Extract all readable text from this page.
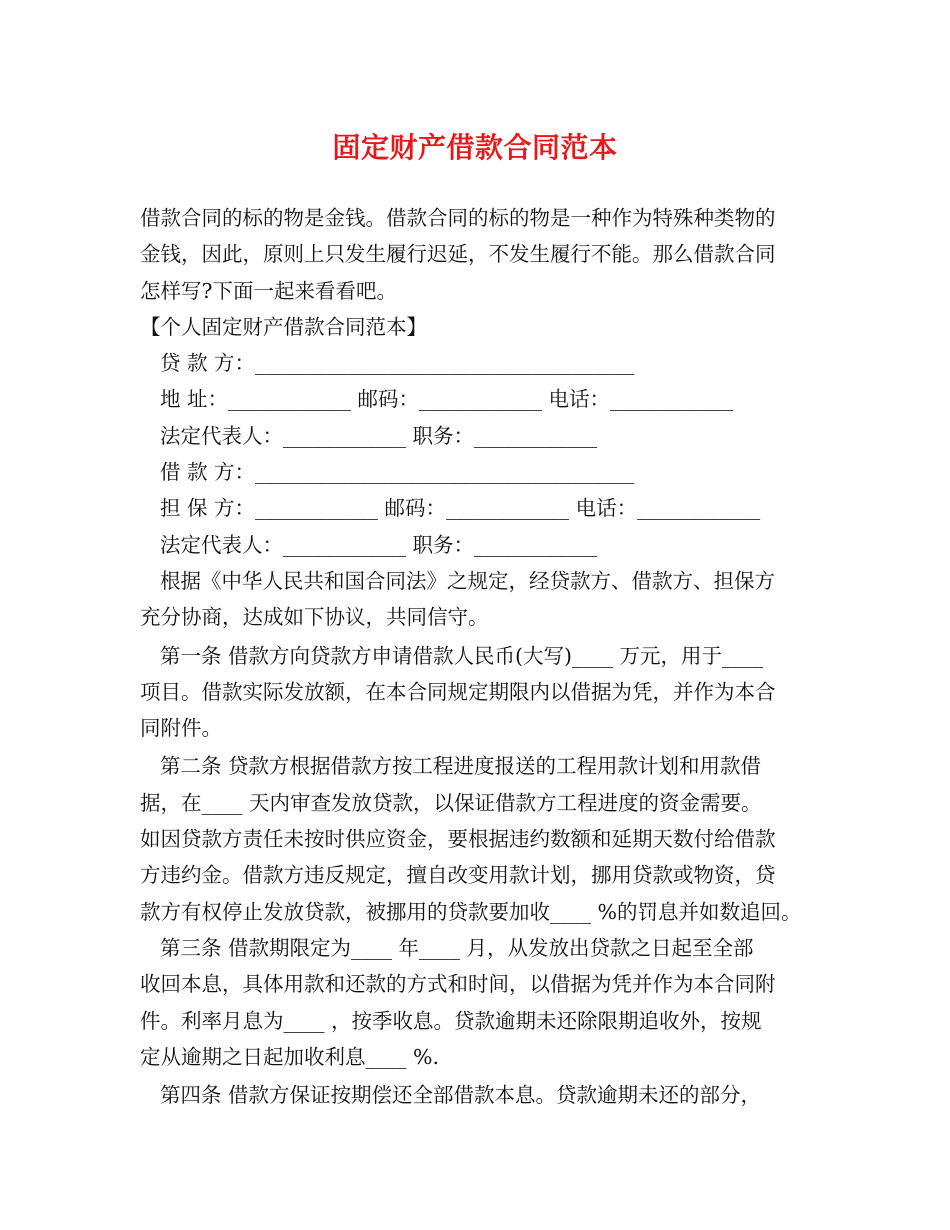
固定财产借款合同范本
借款合同的标的物是金钱。借款合同的标的物是一种作为特殊种类物的
金钱，因此，原则上只发生履行迟延，不发生履行不能。那么借款合同
怎样写?下面一起来看看吧。
【个人固定财产借款合同范本】
贷 款 方：_____________________________________
地 址：____________ 邮码：____________ 电话：____________
法定代表人：____________ 职务：____________
借 款 方：_____________________________________
担 保 方：____________ 邮码：____________ 电话：____________
法定代表人：____________ 职务：____________
根据《中华人民共和国合同法》之规定，经贷款方、借款方、担保方
充分协商，达成如下协议，共同信守。
第一条 借款方向贷款方申请借款人民币(大写)____ 万元，用于____
项目。借款实际发放额，在本合同规定期限内以借据为凭，并作为本合
同附件。
第二条 贷款方根据借款方按工程进度报送的工程用款计划和用款借
据，在____ 天内审查发放贷款，以保证借款方工程进度的资金需要。
如因贷款方责任未按时供应资金，要根据违约数额和延期天数付给借款
方违约金。借款方违反规定，擅自改变用款计划，挪用贷款或物资，贷
款方有权停止发放贷款，被挪用的贷款要加收____ %的罚息并如数追回。
第三条 借款期限定为____ 年____ 月，从发放出贷款之日起至全部
收回本息，具体用款和还款的方式和时间，以借据为凭并作为本合同附
件。利率月息为____ ，按季收息。贷款逾期未还除限期追收外，按规
定从逾期之日起加收利息____ %.
第四条 借款方保证按期偿还全部借款本息。贷款逾期未还的部分，
